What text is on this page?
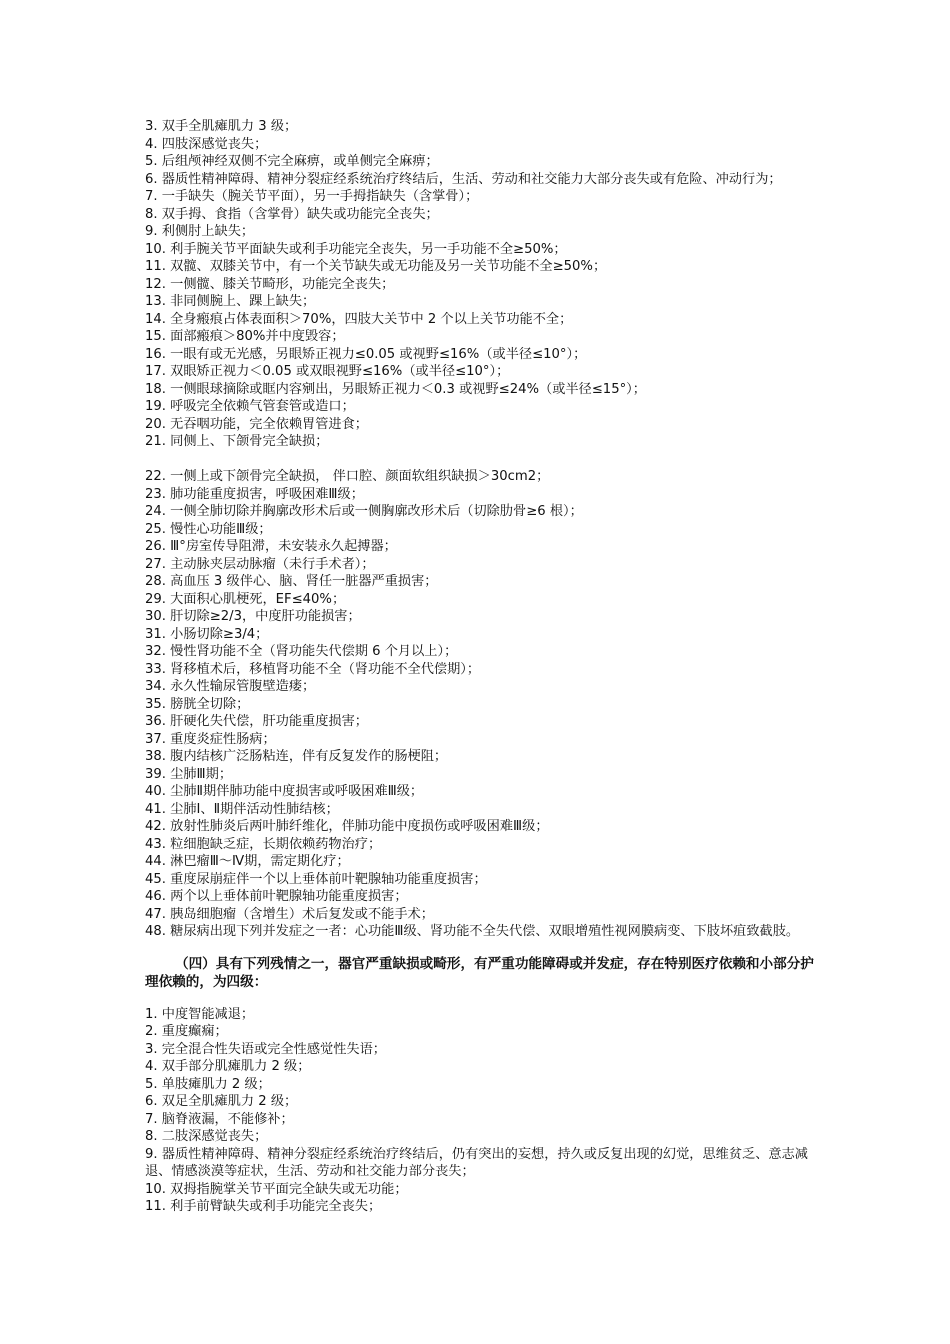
3. 双手全肌瘫肌力 3 级；
4. 四肢深感觉丧失；
5. 后组颅神经双侧不完全麻痹，或单侧完全麻痹；
6. 器质性精神障碍、精神分裂症经系统治疗终结后，生活、劳动和社交能力大部分丧失或有危险、冲动行为；
7. 一手缺失（腕关节平面），另一手拇指缺失（含掌骨）；
8. 双手拇、食指（含掌骨）缺失或功能完全丧失；
9. 利侧肘上缺失；
10. 利手腕关节平面缺失或利手功能完全丧失，另一手功能不全≥50%；
11. 双髋、双膝关节中，有一个关节缺失或无功能及另一关节功能不全≥50%；
12. 一侧髋、膝关节畸形，功能完全丧失；
13. 非同侧腕上、踝上缺失；
14. 全身瘢痕占体表面积＞70%，四肢大关节中 2 个以上关节功能不全；
15. 面部瘢痕＞80%并中度毁容；
16. 一眼有或无光感，另眼矫正视力≤0.05 或视野≤16%（或半径≤10°）；
17. 双眼矫正视力＜0.05 或双眼视野≤16%（或半径≤10°）；
18. 一侧眼球摘除或眶内容剜出，另眼矫正视力＜0.3 或视野≤24%（或半径≤15°）；
19. 呼吸完全依赖气管套管或造口；
20. 无吞咽功能，完全依赖胃管进食；
21. 同侧上、下颌骨完全缺损；
22. 一侧上或下颌骨完全缺损， 伴口腔、颜面软组织缺损＞30cm2；
23. 肺功能重度损害，呼吸困难Ⅲ级；
24. 一侧全肺切除并胸廓改形术后或一侧胸廓改形术后（切除肋骨≥6 根）；
25. 慢性心功能Ⅲ级；
26. Ⅲ°房室传导阻滞，未安装永久起搏器；
27. 主动脉夹层动脉瘤（未行手术者）；
28. 高血压 3 级伴心、脑、肾任一脏器严重损害；
29. 大面积心肌梗死，EF≤40%；
30. 肝切除≥2/3，中度肝功能损害；
31. 小肠切除≥3/4；
32. 慢性肾功能不全（肾功能失代偿期 6 个月以上）；
33. 肾移植术后，移植肾功能不全（肾功能不全代偿期）；
34. 永久性输尿管腹壁造瘘；
35. 膀胱全切除；
36. 肝硬化失代偿，肝功能重度损害；
37. 重度炎症性肠病；
38. 腹内结核广泛肠粘连，伴有反复发作的肠梗阻；
39. 尘肺Ⅲ期；
40. 尘肺Ⅱ期伴肺功能中度损害或呼吸困难Ⅲ级；
41. 尘肺Ⅰ、Ⅱ期伴活动性肺结核；
42. 放射性肺炎后两叶肺纤维化，伴肺功能中度损伤或呼吸困难Ⅲ级；
43. 粒细胞缺乏症，长期依赖药物治疗；
44. 淋巴瘤Ⅲ～Ⅳ期，需定期化疗；
45. 重度尿崩症伴一个以上垂体前叶靶腺轴功能重度损害；
46. 两个以上垂体前叶靶腺轴功能重度损害；
47. 胰岛细胞瘤（含增生）术后复发或不能手术；
48. 糖尿病出现下列并发症之一者：心功能Ⅲ级、肾功能不全失代偿、双眼增殖性视网膜病变、下肢坏疽致截肢。
（四）具有下列残情之一，器官严重缺损或畸形，有严重功能障碍或并发症，存在特别医疗依赖和小部分护理依赖的，为四级：
1. 中度智能减退；
2. 重度癫痫；
3. 完全混合性失语或完全性感觉性失语；
4. 双手部分肌瘫肌力 2 级；
5. 单肢瘫肌力 2 级；
6. 双足全肌瘫肌力 2 级；
7. 脑脊液漏，不能修补；
8. 二肢深感觉丧失；
9. 器质性精神障碍、精神分裂症经系统治疗终结后，仍有突出的妄想，持久或反复出现的幻觉，思维贫乏、意志减退、情感淡漠等症状，生活、劳动和社交能力部分丧失；
10. 双拇指腕掌关节平面完全缺失或无功能；
11. 利手前臂缺失或利手功能完全丧失；
